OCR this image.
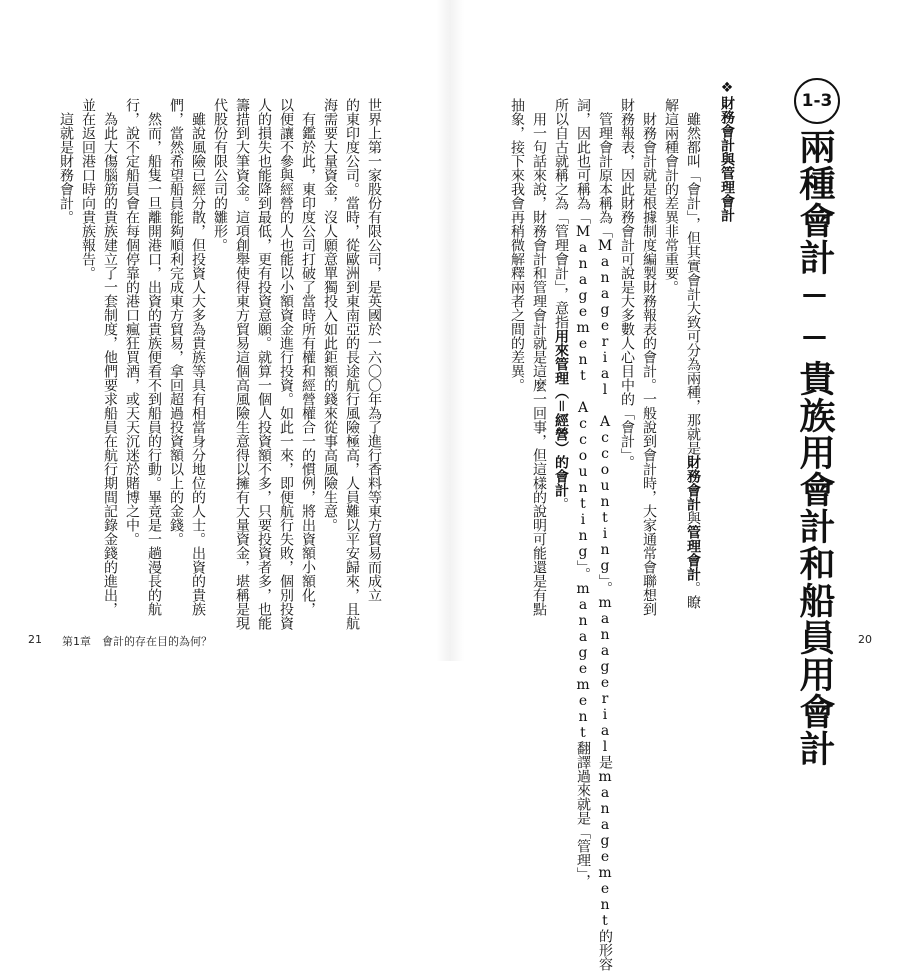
世界上第一家股份有限公司，是英國於一六〇〇年為了進行香料等東方貿易而成立
的東印度公司。當時，從歐洲到東南亞的長途航行風險極高，人員難以平安歸來，且航
海需要大量資金，沒人願意單獨投入如此鉅額的錢來從事高風險生意。
　有鑑於此，東印度公司打破了當時所有權和經營權合一的慣例，將出資額小額化，
以便讓不參與經營的人也能以小額資金進行投資。如此一來，即便航行失敗，個別投資
人的損失也能降到最低，更有投資意願。就算一個人投資額不多，只要投資者多，也能
籌措到大筆資金。這項創舉使得東方貿易這個高風險生意得以擁有大量資金，堪稱是現
代股份有限公司的雛形。
　雖說風險已經分散，但投資人大多為貴族等具有相當身分地位的人士。出資的貴族
們，當然希望船員能夠順利完成東方貿易，拿回超過投資額以上的金錢。
　然而，船隻一旦離開港口，出資的貴族便看不到船員的行動。畢竟是一趟漫長的航
行，說不定船員會在每個停靠的港口瘋狂買酒，或天天沉迷於賭博之中。
　為此大傷腦筋的貴族建立了一套制度，他們要求船員在航行期間記錄金錢的進出，
並在返回港口時向貴族報告。
　這就是財務會計。
21 第1章　會計的存在目的為何？
1-3
兩種會計──貴族用會計和船員用會計
❖財務會計與管理會計
　雖然都叫「會計」，但其實會計大致可分為兩種，那就是財務會計與管理會計。瞭
解這兩種會計的差異非常重要。
　財務會計就是根據制度編製財務報表的會計。一般說到會計時，大家通常會聯想到
財務報表，因此財務會計可說是大多數人心目中的「會計」。
　管理會計原本稱為「Managerial Accounting」。managerial是management的形容
詞，因此也可稱為「Management Accounting」。management翻譯過來就是「管理」，
所以自古就稱之為「管理會計」，意指用來管理（＝經營）的會計。
　用一句話來說，財務會計和管理會計就是這麼一回事，但這樣的說明可能還是有點
抽象，接下來我會再稍微解釋兩者之間的差異。
20
